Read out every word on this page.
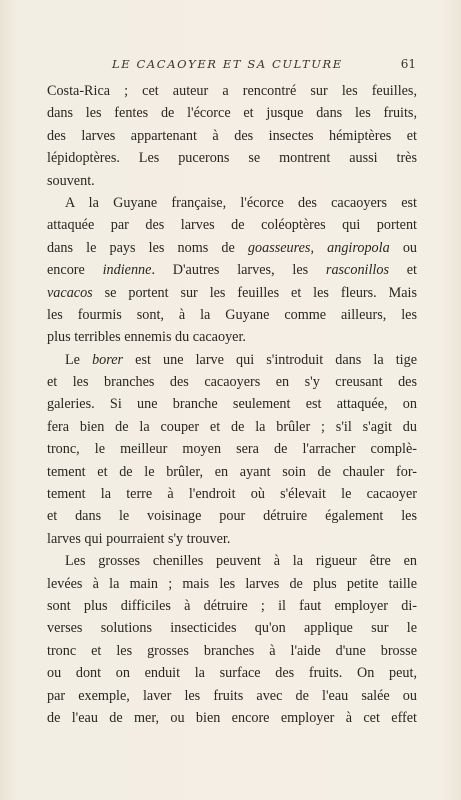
LE CACAOYER ET SA CULTURE	61
Costa-Rica ; cet auteur a rencontré sur les feuilles,
dans les fentes de l'écorce et jusque dans les fruits,
des larves appartenant à des insectes hémiptères et
lépidoptères. Les pucerons se montrent aussi très
souvent.
A la Guyane française, l'écorce des cacaoyers est
attaquée par des larves de coléoptères qui portent
dans le pays les noms de goasseures, angiropola ou
encore indienne. D'autres larves, les rasconillos et
vacacos se portent sur les feuilles et les fleurs. Mais
les fourmis sont, à la Guyane comme ailleurs, les
plus terribles ennemis du cacaoyer.
Le borer est une larve qui s'introduit dans la tige
et les branches des cacaoyers en s'y creusant des
galeries. Si une branche seulement est attaquée, on
fera bien de la couper et de la brûler ; s'il s'agit du
tronc, le meilleur moyen sera de l'arracher complè-
tement et de le brûler, en ayant soin de chauler for-
tement la terre à l'endroit où s'élevait le cacaoyer
et dans le voisinage pour détruire également les
larves qui pourraient s'y trouver.
Les grosses chenilles peuvent à la rigueur être en
levées à la main ; mais les larves de plus petite taille
sont plus difficiles à détruire ; il faut employer di-
verses solutions insecticides qu'on applique sur le
tronc et les grosses branches à l'aide d'une brosse
ou dont on enduit la surface des fruits. On peut,
par exemple, laver les fruits avec de l'eau salée ou
de l'eau de mer, ou bien encore employer à cet effet
